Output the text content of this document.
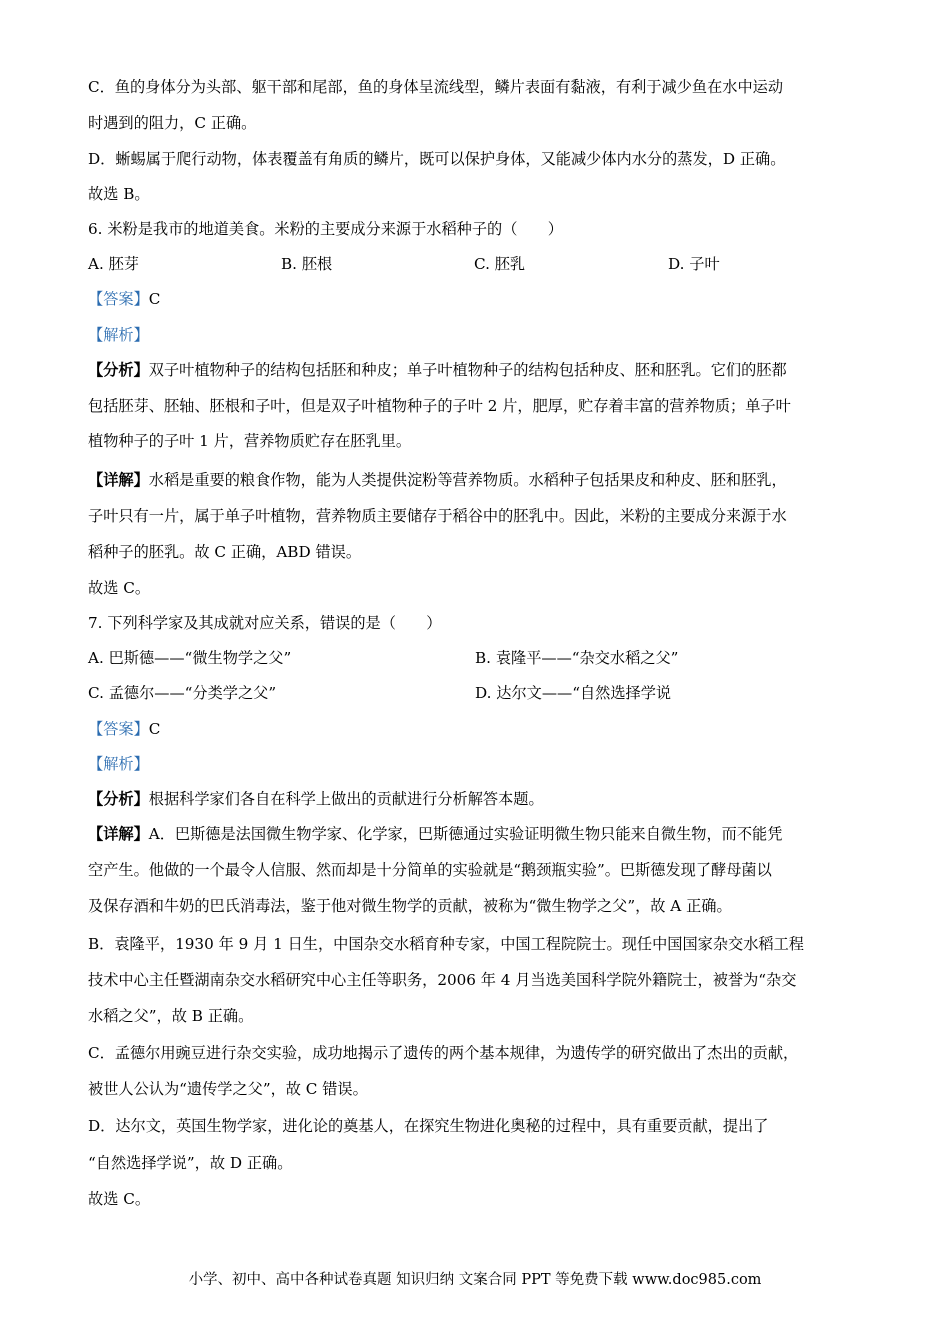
C．鱼的身体分为头部、躯干部和尾部，鱼的身体呈流线型，鳞片表面有黏液，有利于减少鱼在水中运动
时遇到的阻力，C 正确。
D．蜥蜴属于爬行动物，体表覆盖有角质的鳞片，既可以保护身体，又能减少体内水分的蒸发，D 正确。
故选 B。
6. 米粉是我市的地道美食。米粉的主要成分来源于水稻种子的（　　）
A. 胚芽	B. 胚根	C. 胚乳	D. 子叶
【答案】C
【解析】
【分析】双子叶植物种子的结构包括胚和种皮；单子叶植物种子的结构包括种皮、胚和胚乳。它们的胚都
包括胚芽、胚轴、胚根和子叶，但是双子叶植物种子的子叶 2 片，肥厚，贮存着丰富的营养物质；单子叶
植物种子的子叶 1 片，营养物质贮存在胚乳里。
【详解】水稻是重要的粮食作物，能为人类提供淀粉等营养物质。水稻种子包括果皮和种皮、胚和胚乳，
子叶只有一片，属于单子叶植物，营养物质主要储存于稻谷中的胚乳中。因此，米粉的主要成分来源于水
稻种子的胚乳。故 C 正确，ABD 错误。
故选 C。
7. 下列科学家及其成就对应关系，错误的是（　　）
A. 巴斯德——“微生物学之父”	B. 袁隆平——“杂交水稻之父”
C. 孟德尔——“分类学之父”	D. 达尔文——“自然选择学说
【答案】C
【解析】
【分析】根据科学家们各自在科学上做出的贡献进行分析解答本题。
【详解】A．巴斯德是法国微生物学家、化学家，巴斯德通过实验证明微生物只能来自微生物，而不能凭
空产生。他做的一个最令人信服、然而却是十分简单的实验就是“鹅颈瓶实验”。巴斯德发现了酵母菌以
及保存酒和牛奶的巴氏消毒法，鉴于他对微生物学的贡献，被称为“微生物学之父”，故 A 正确。
B．袁隆平，1930 年 9 月 1 日生，中国杂交水稻育种专家，中国工程院院士。现任中国国家杂交水稻工程
技术中心主任暨湖南杂交水稻研究中心主任等职务，2006 年 4 月当选美国科学院外籍院士，被誉为“杂交
水稻之父”，故 B 正确。
C．孟德尔用豌豆进行杂交实验，成功地揭示了遗传的两个基本规律，为遗传学的研究做出了杰出的贡献，
被世人公认为“遗传学之父”，故 C 错误。
D．达尔文，英国生物学家，进化论的奠基人，在探究生物进化奥秘的过程中，具有重要贡献，提出了
“自然选择学说”，故 D 正确。
故选 C。
小学、初中、高中各种试卷真题 知识归纳 文案合同 PPT 等免费下载 www.doc985.com
